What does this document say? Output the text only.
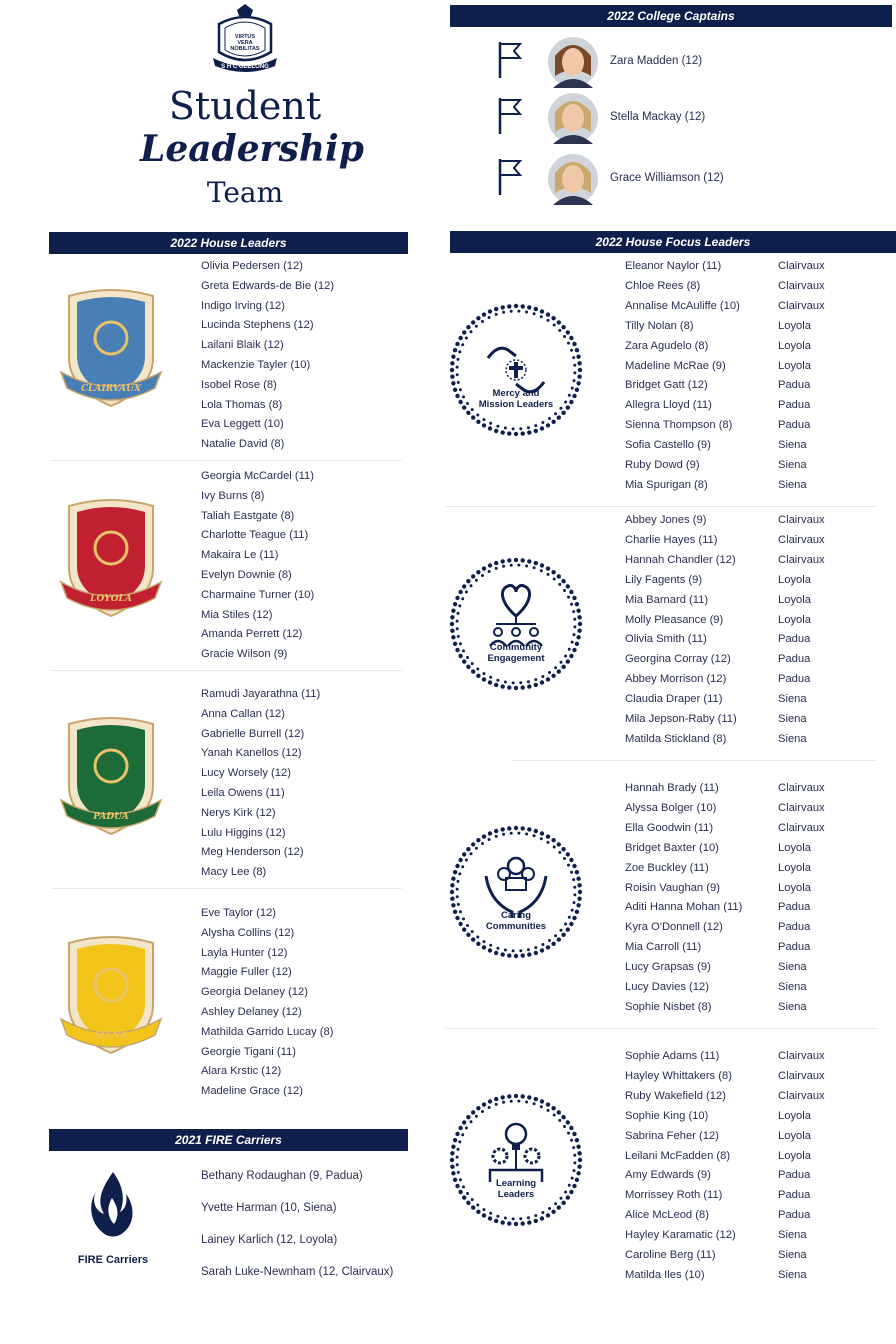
VIRTUS
VERA
NOBILITAS
S H C GEELONG
Student
Leadership
Team
2022 College Captains
Zara Madden (12)
Stella Mackay (12)
Grace Williamson (12)
2022 House Leaders
CLAIRVAUX
Olivia Pedersen (12)
Greta Edwards-de Bie (12)
Indigo Irving (12)
Lucinda Stephens (12)
Lailani Blaik (12)
Mackenzie Tayler (10)
Isobel Rose (8)
Lola Thomas (8)
Eva Leggett (10)
Natalie David (8)
LOYOLA
Georgia McCardel (11)
Ivy Burns (8)
Taliah Eastgate (8)
Charlotte Teague (11)
Makaira Le (11)
Evelyn Downie (8)
Charmaine Turner (10)
Mia Stiles (12)
Amanda Perrett (12)
Gracie Wilson (9)
PADUA
Ramudi Jayarathna (11)
Anna Callan (12)
Gabrielle Burrell (12)
Yanah Kanellos (12)
Lucy Worsely (12)
Leila Owens (11)
Nerys Kirk (12)
Lulu Higgins (12)
Meg Henderson (12)
Macy Lee (8)
SIENA
Eve Taylor (12)
Alysha Collins (12)
Layla Hunter (12)
Maggie Fuller (12)
Georgia Delaney (12)
Ashley Delaney (12)
Mathilda Garrido Lucay (8)
Georgie Tigani (11)
Alara Krstic (12)
Madeline Grace (12)
2021 FIRE Carriers
FIRE Carriers
Bethany Rodaughan (9, Padua)
Yvette Harman (10, Siena)
Lainey Karlich (12, Loyola)
Sarah Luke-Newnham (12, Clairvaux)
2022 House Focus Leaders
Mercy and
Mission Leaders
Eleanor Naylor (11)	Clairvaux
Chloe Rees (8)	Clairvaux
Annalise McAuliffe (10)	Clairvaux
Tilly Nolan (8)	Loyola
Zara Agudelo (8)	Loyola
Madeline McRae (9)	Loyola
Bridget Gatt (12)	Padua
Allegra Lloyd (11)	Padua
Sienna Thompson (8)	Padua
Sofia Castello (9)	Siena
Ruby Dowd (9)	Siena
Mia Spurigan (8)	Siena
Community
Engagement
Abbey Jones (9)	Clairvaux
Charlie Hayes (11)	Clairvaux
Hannah Chandler (12)	Clairvaux
Lily Fagents (9)	Loyola
Mia Barnard (11)	Loyola
Molly Pleasance (9)	Loyola
Olivia Smith (11)	Padua
Georgina Corray (12)	Padua
Abbey Morrison (12)	Padua
Claudia Draper (11)	Siena
Mila Jepson-Raby (11)	Siena
Matilda Stickland (8)	Siena
Caring
Communities
Hannah Brady (11)	Clairvaux
Alyssa Bolger (10)	Clairvaux
Ella Goodwin (11)	Clairvaux
Bridget Baxter (10)	Loyola
Zoe Buckley (11)	Loyola
Roisin Vaughan (9)	Loyola
Aditi Hanna Mohan (11)	Padua
Kyra O'Donnell (12)	Padua
Mia Carroll (11)	Padua
Lucy Grapsas (9)	Siena
Lucy Davies (12)	Siena
Sophie Nisbet (8)	Siena
Learning
Leaders
Sophie Adams (11)	Clairvaux
Hayley Whittakers (8)	Clairvaux
Ruby Wakefield (12)	Clairvaux
Sophie King (10)	Loyola
Sabrina Feher (12)	Loyola
Leilani McFadden (8)	Loyola
Amy Edwards (9)	Padua
Morrissey Roth (11)	Padua
Alice McLeod (8)	Padua
Hayley Karamatic (12)	Siena
Caroline Berg (11)	Siena
Matilda Iles (10)	Siena
